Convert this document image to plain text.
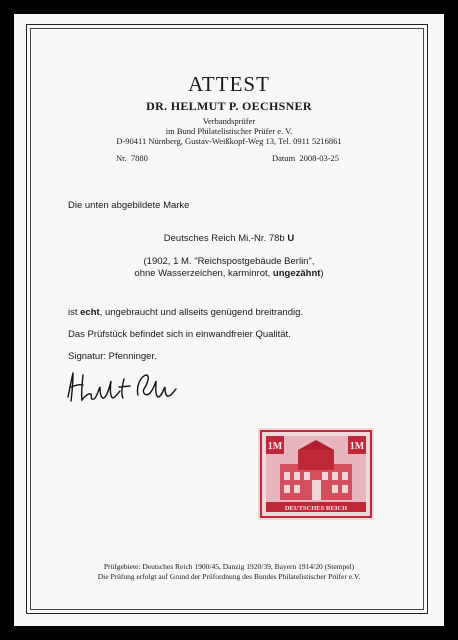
ATTEST
DR. HELMUT P. OECHSNER
Verbandsprüfer
im Bund Philatelistischer Prüfer e. V.
D-90411 Nürnberg, Gustav-Weißkopf-Weg 13, Tel. 0911 5216861
Nr. 7880	Datum 2008-03-25
Die unten abgebildete Marke
Deutsches Reich Mi.-Nr. 78b U
(1902, 1 M. "Reichspostgebäude Berlin",
ohne Wasserzeichen, karminrot, ungezähnt)
ist echt, ungebraucht und allseits genügend breitrandig.
Das Prüfstück befindet sich in einwandfreier Qualität.
Signatur: Pfenninger.
1M	1M
DEUTSCHES REICH
Prüfgebiete: Deutsches Reich 1900/45, Danzig 1920/39, Bayern 1914/20 (Stempel)
Die Prüfung erfolgt auf Grund der Prüfordnung des Bundes Philatelistischer Prüfer e.V.
